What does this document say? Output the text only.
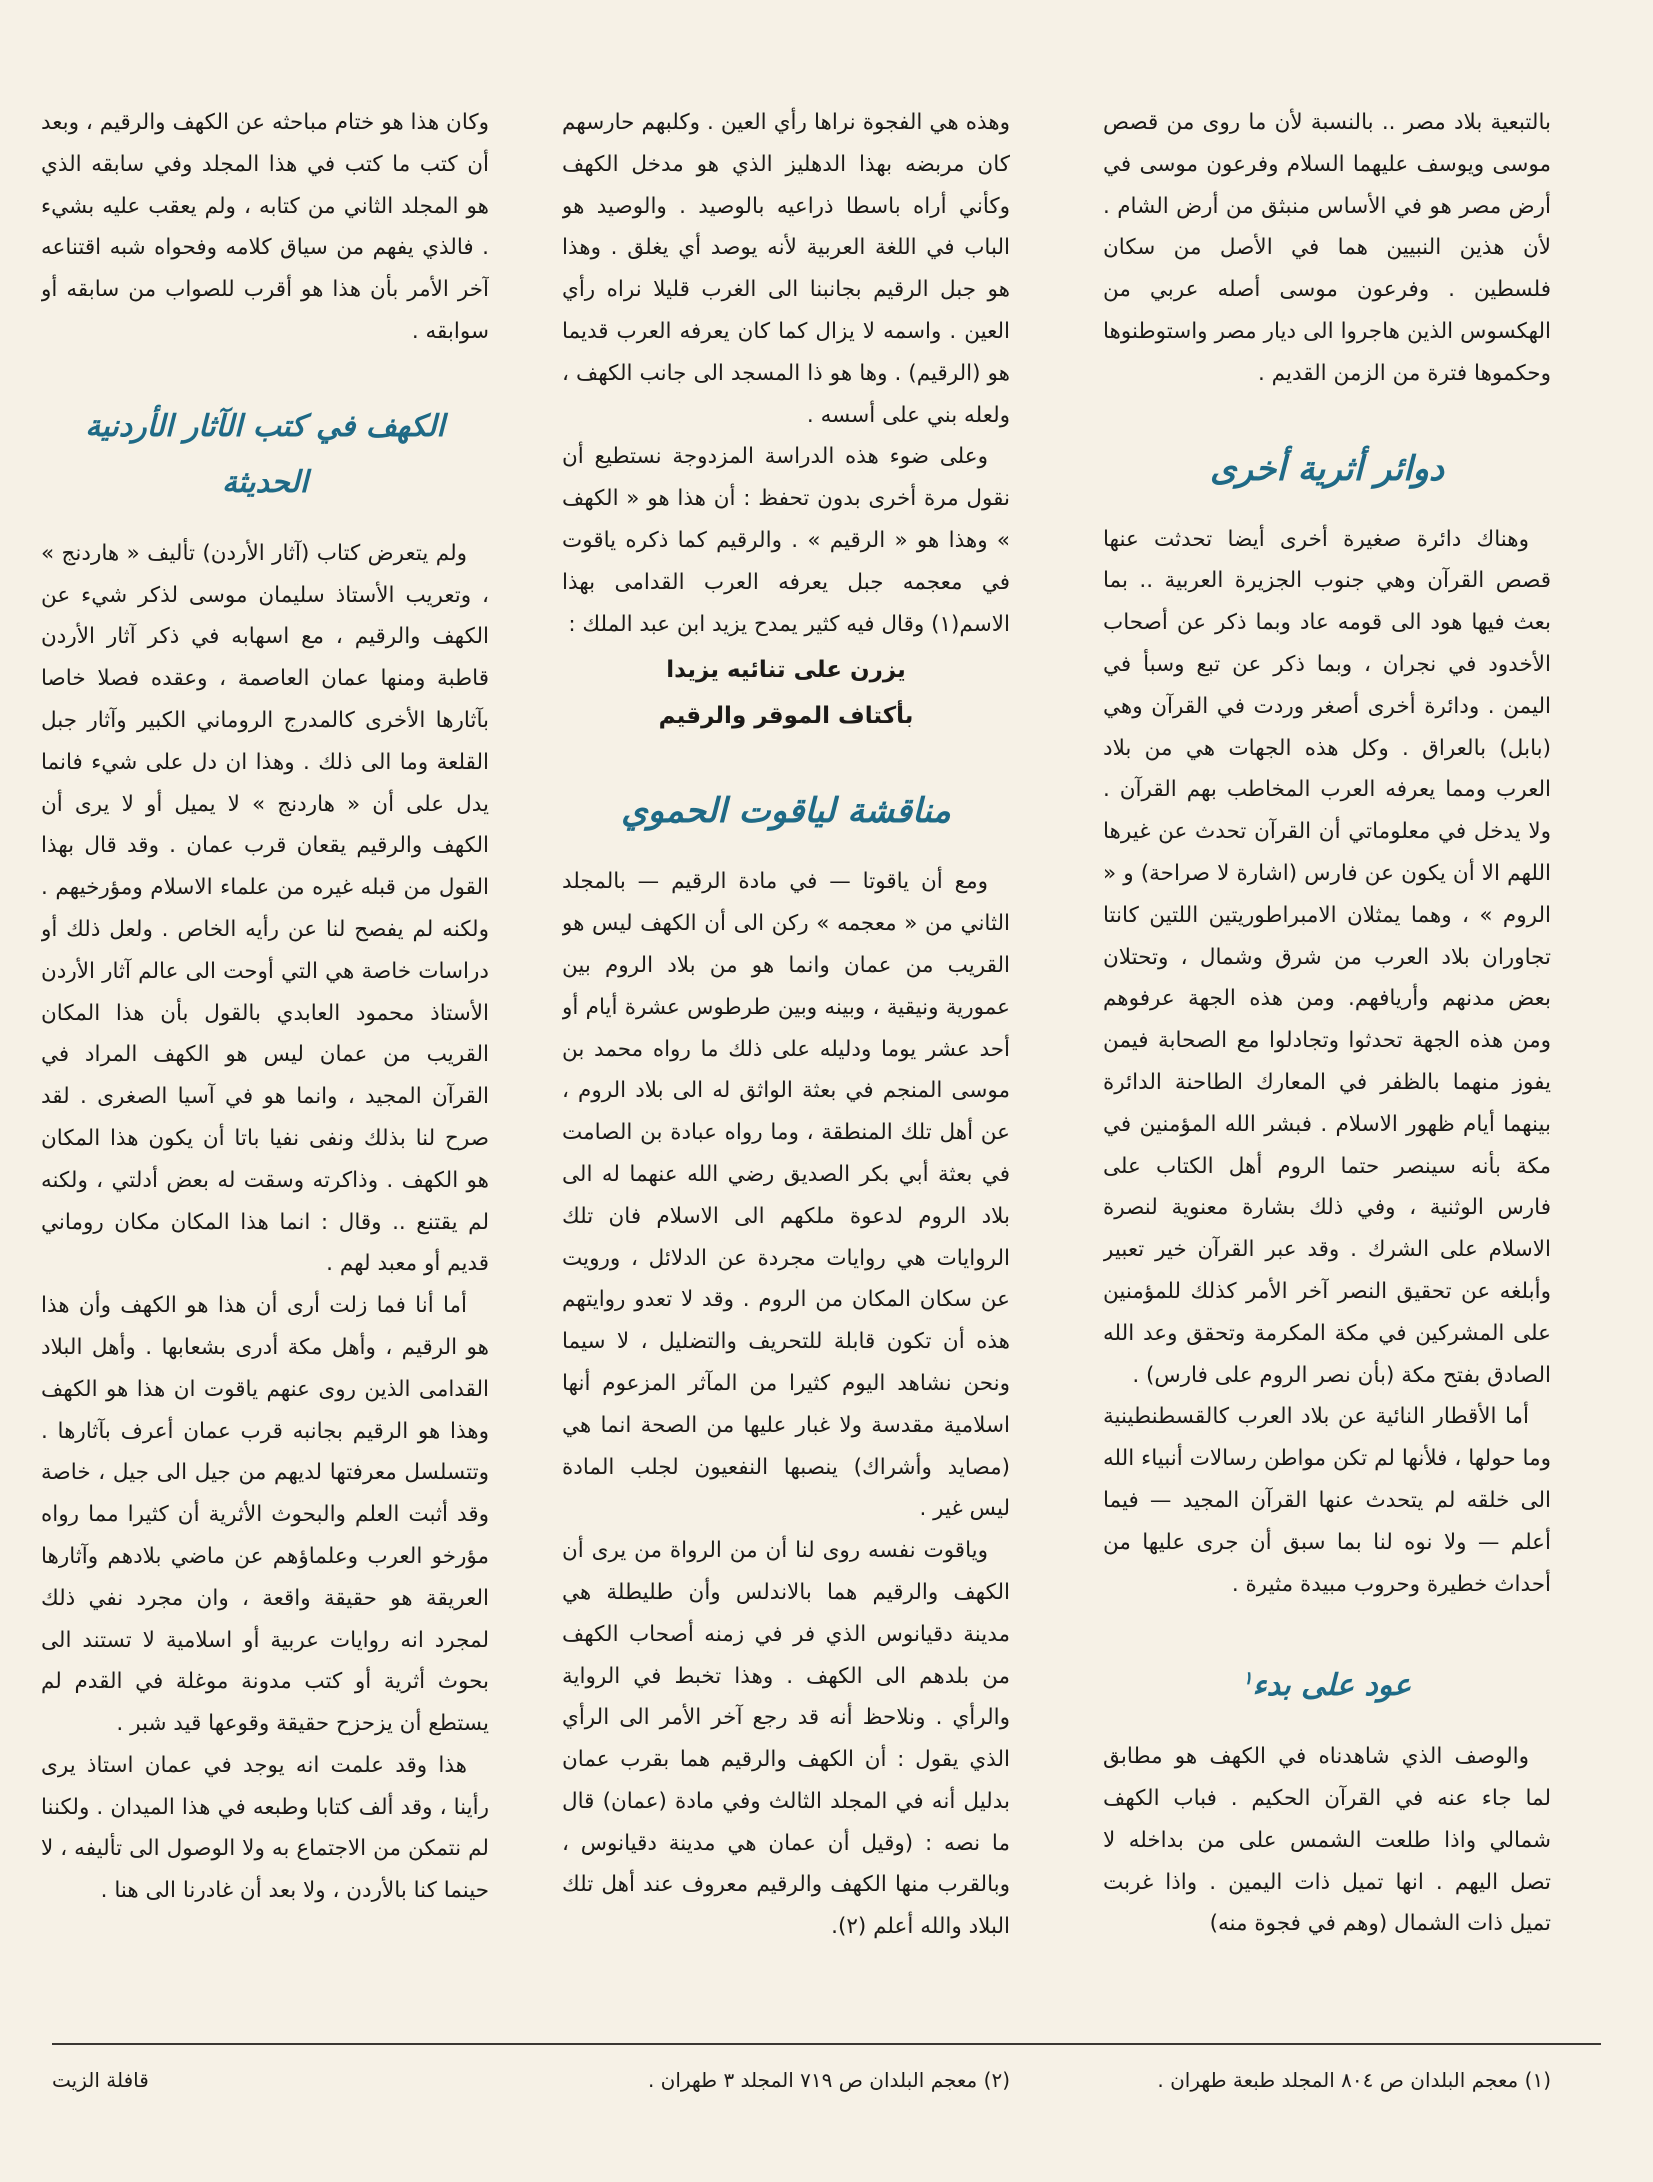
بالتبعية بلاد مصر .. بالنسبة لأن ما روى من قصص موسى ويوسف عليهما السلام وفرعون موسى في أرض مصر هو في الأساس منبثق من أرض الشام . لأن هذين النبيين هما في الأصل من سكان فلسطين . وفرعون موسى أصله عربي من الهكسوس الذين هاجروا الى ديار مصر واستوطنوها وحكموها فترة من الزمن القديم .

دوائر أثرية أخرى

وهناك دائرة صغيرة أخرى أيضا تحدثت عنها قصص القرآن وهي جنوب الجزيرة العربية .. بما بعث فيها هود الى قومه عاد وبما ذكر عن أصحاب الأخدود في نجران ، وبما ذكر عن تبع وسبأ في اليمن . ودائرة أخرى أصغر وردت في القرآن وهي (بابل) بالعراق . وكل هذه الجهات هي من بلاد العرب ومما يعرفه العرب المخاطب بهم القرآن . ولا يدخل في معلوماتي أن القرآن تحدث عن غيرها اللهم الا أن يكون عن فارس (اشارة لا صراحة) و « الروم » ، وهما يمثلان الامبراطوريتين اللتين كانتا تجاوران بلاد العرب من شرق وشمال ، وتحتلان بعض مدنهم وأريافهم. ومن هذه الجهة عرفوهم ومن هذه الجهة تحدثوا وتجادلوا مع الصحابة فيمن يفوز منهما بالظفر في المعارك الطاحنة الدائرة بينهما أيام ظهور الاسلام . فبشر الله المؤمنين في مكة بأنه سينصر حتما الروم أهل الكتاب على فارس الوثنية ، وفي ذلك بشارة معنوية لنصرة الاسلام على الشرك . وقد عبر القرآن خير تعبير وأبلغه عن تحقيق النصر آخر الأمر كذلك للمؤمنين على المشركين في مكة المكرمة وتحقق وعد الله الصادق بفتح مكة (بأن نصر الروم على فارس) .

أما الأقطار النائية عن بلاد العرب كالقسطنطينية وما حولها ، فلأنها لم تكن مواطن رسالات أنبياء الله الى خلقه لم يتحدث عنها القرآن المجيد — فيما أعلم — ولا نوه لنا بما سبق أن جرى عليها من أحداث خطيرة وحروب مبيدة مثيرة .

عود على بدء$^١$

والوصف الذي شاهدناه في الكهف هو مطابق لما جاء عنه في القرآن الحكيم . فباب الكهف شمالي واذا طلعت الشمس على من بداخله لا تصل اليهم . انها تميل ذات اليمين . واذا غربت تميل ذات الشمال (وهم في فجوة منه)

وهذه هي الفجوة نراها رأي العين . وكلبهم حارسهم كان مربضه بهذا الدهليز الذي هو مدخل الكهف وكأني أراه باسطا ذراعيه بالوصيد . والوصيد هو الباب في اللغة العربية لأنه يوصد أي يغلق . وهذا هو جبل الرقيم بجانبنا الى الغرب قليلا نراه رأي العين . واسمه لا يزال كما كان يعرفه العرب قديما هو (الرقيم) . وها هو ذا المسجد الى جانب الكهف ، ولعله بني على أسسه .

وعلى ضوء هذه الدراسة المزدوجة نستطيع أن نقول مرة أخرى بدون تحفظ : أن هذا هو « الكهف » وهذا هو « الرقيم » . والرقيم كما ذكره ياقوت في معجمه جبل يعرفه العرب القدامى بهذا الاسم(١) وقال فيه كثير يمدح يزيد ابن عبد الملك :

يزرن على تنائيه يزيدا
بأكتاف الموقر والرقيم
مناقشة لياقوت الحموي

ومع أن ياقوتا — في مادة الرقيم — بالمجلد الثاني من « معجمه » ركن الى أن الكهف ليس هو القريب من عمان وانما هو من بلاد الروم بين عمورية ونيقية ، وبينه وبين طرطوس عشرة أيام أو أحد عشر يوما ودليله على ذلك ما رواه محمد بن موسى المنجم في بعثة الواثق له الى بلاد الروم ، عن أهل تلك المنطقة ، وما رواه عبادة بن الصامت في بعثة أبي بكر الصديق رضي الله عنهما له الى بلاد الروم لدعوة ملكهم الى الاسلام فان تلك الروايات هي روايات مجردة عن الدلائل ، ورويت عن سكان المكان من الروم . وقد لا تعدو روايتهم هذه أن تكون قابلة للتحريف والتضليل ، لا سيما ونحن نشاهد اليوم كثيرا من المآثر المزعوم أنها اسلامية مقدسة ولا غبار عليها من الصحة انما هي (مصايد وأشراك) ينصبها النفعيون لجلب المادة ليس غير .

وياقوت نفسه روى لنا أن من الرواة من يرى أن الكهف والرقيم هما بالاندلس وأن طليطلة هي مدينة دقيانوس الذي فر في زمنه أصحاب الكهف من بلدهم الى الكهف . وهذا تخبط في الرواية والرأي . ونلاحظ أنه قد رجع آخر الأمر الى الرأي الذي يقول : أن الكهف والرقيم هما بقرب عمان بدليل أنه في المجلد الثالث وفي مادة (عمان) قال ما نصه : (وقيل أن عمان هي مدينة دقيانوس ، وبالقرب منها الكهف والرقيم معروف عند أهل تلك البلاد والله أعلم (٢).

وكان هذا هو ختام مباحثه عن الكهف والرقيم ، وبعد أن كتب ما كتب في هذا المجلد وفي سابقه الذي هو المجلد الثاني من كتابه ، ولم يعقب عليه بشيء . فالذي يفهم من سياق كلامه وفحواه شبه اقتناعه آخر الأمر بأن هذا هو أقرب للصواب من سابقه أو سوابقه .

الكهف في كتب الآثار الأردنية الحديثة

ولم يتعرض كتاب (آثار الأردن) تأليف « هاردنج » ، وتعريب الأستاذ سليمان موسى لذكر شيء عن الكهف والرقيم ، مع اسهابه في ذكر آثار الأردن قاطبة ومنها عمان العاصمة ، وعقده فصلا خاصا بآثارها الأخرى كالمدرج الروماني الكبير وآثار جبل القلعة وما الى ذلك . وهذا ان دل على شيء فانما يدل على أن « هاردنج » لا يميل أو لا يرى أن الكهف والرقيم يقعان قرب عمان . وقد قال بهذا القول من قبله غيره من علماء الاسلام ومؤرخيهم . ولكنه لم يفصح لنا عن رأيه الخاص . ولعل ذلك أو دراسات خاصة هي التي أوحت الى عالم آثار الأردن الأستاذ محمود العابدي بالقول بأن هذا المكان القريب من عمان ليس هو الكهف المراد في القرآن المجيد ، وانما هو في آسيا الصغرى . لقد صرح لنا بذلك ونفى نفيا باتا أن يكون هذا المكان هو الكهف . وذاكرته وسقت له بعض أدلتي ، ولكنه لم يقتنع .. وقال : انما هذا المكان مكان روماني قديم أو معبد لهم .

أما أنا فما زلت أرى أن هذا هو الكهف وأن هذا هو الرقيم ، وأهل مكة أدرى بشعابها . وأهل البلاد القدامى الذين روى عنهم ياقوت ان هذا هو الكهف وهذا هو الرقيم بجانبه قرب عمان أعرف بآثارها . وتتسلسل معرفتها لديهم من جيل الى جيل ، خاصة وقد أثبت العلم والبحوث الأثرية أن كثيرا مما رواه مؤرخو العرب وعلماؤهم عن ماضي بلادهم وآثارها العريقة هو حقيقة واقعة ، وان مجرد نفي ذلك لمجرد انه روايات عربية أو اسلامية لا تستند الى بحوث أثرية أو كتب مدونة موغلة في القدم لم يستطع أن يزحزح حقيقة وقوعها قيد شبر .

هذا وقد علمت انه يوجد في عمان استاذ يرى رأينا ، وقد ألف كتابا وطبعه في هذا الميدان . ولكننا لم نتمكن من الاجتماع به ولا الوصول الى تأليفه ، لا حينما كنا بالأردن ، ولا بعد أن غادرنا الى هنا .

(١) معجم البلدان ص ٨٠٤ المجلد طبعة طهران .
(٢) معجم البلدان ص ٧١٩ المجلد ٣ طهران .
قافلة الزيت
